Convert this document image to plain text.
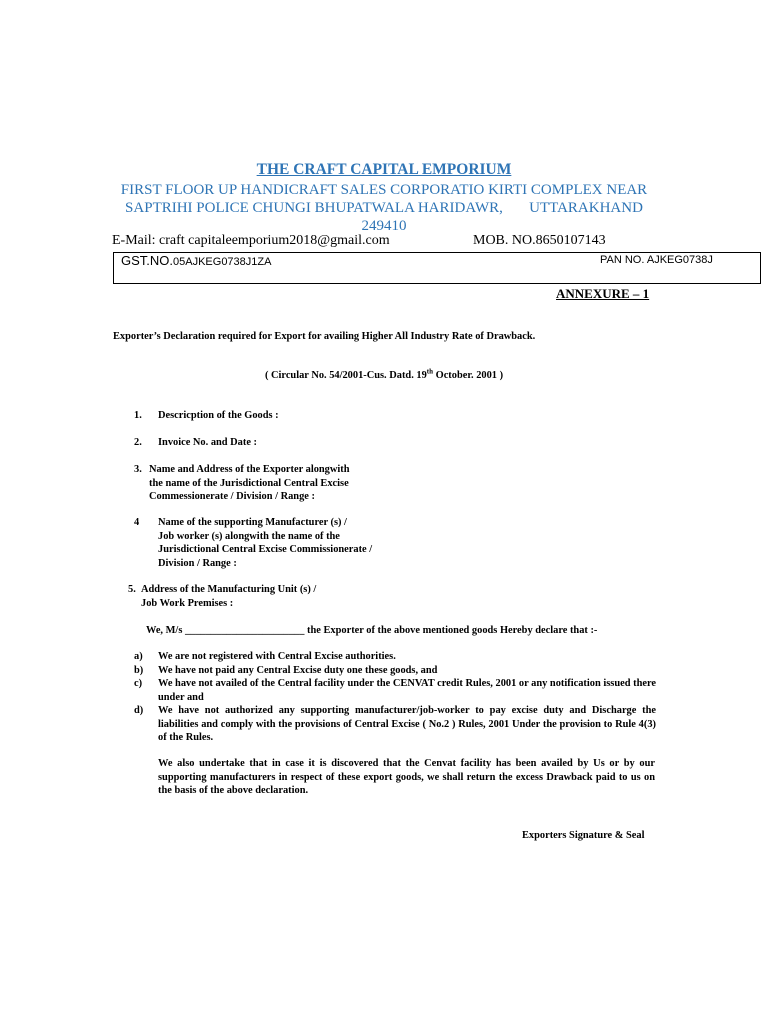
THE CRAFT CAPITAL EMPORIUM
FIRST FLOOR UP HANDICRAFT SALES CORPORATIO KIRTI COMPLEX NEAR
SAPTRIHI POLICE CHUNGI BHUPATWALA HARIDAWR,       UTTARAKHAND
249410
E-Mail: craft capitaleemporium2018@gmail.com	MOB. NO.8650107143
GST.NO.05AJKEG0738J1ZA	PAN NO. AJKEG0738J
ANNEXURE – 1
Exporter’s Declaration required for Export for availing Higher All Industry Rate of Drawback.
( Circular No. 54/2001-Cus. Datd. 19th October. 2001 )
1. Descricption of the Goods :
2. Invoice No. and Date :
3. Name and Address of the Exporter alongwith
the name of the Jurisdictional Central Excise
Commessionerate / Division / Range :
4 Name of the supporting Manufacturer (s) /
Job worker (s) alongwith the name of the
Jurisdictional Central Excise Commissionerate /
Division / Range :
5. Address of the Manufacturing Unit (s) /
Job Work Premises :
We, M/s _______________________ the Exporter of the above mentioned goods Hereby declare that :-
a)	We are not registered with Central Excise authorities.
b)	We have not paid any Central Excise duty one these goods, and
c)	We have not availed of the Central facility under the CENVAT credit Rules, 2001 or any notification issued there under and
d)	We have not authorized any supporting manufacturer/job-worker to pay excise duty and Discharge the liabilities and comply with the provisions of Central Excise ( No.2 ) Rules, 2001 Under the provision to Rule 4(3) of the Rules.
We also undertake that in case it is discovered that the Cenvat facility has been availed by Us or by our supporting manufacturers in respect of these export goods, we shall return the excess Drawback paid to us on the basis of the above declaration.
Exporters Signature & Seal
